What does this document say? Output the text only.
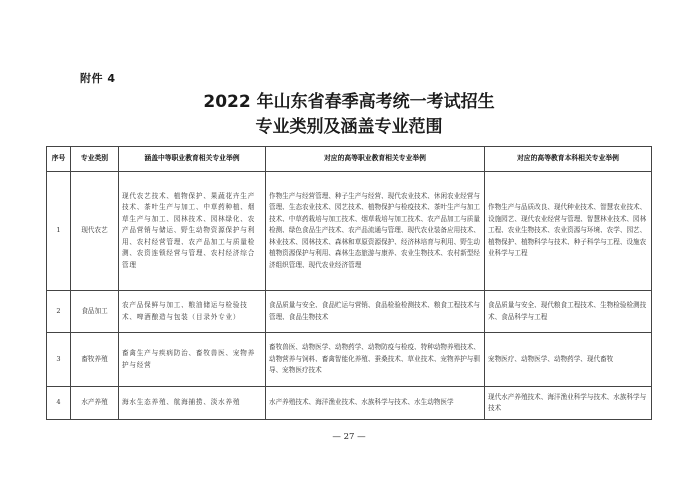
附件 4
2022 年山东省春季高考统一考试招生
专业类别及涵盖专业范围
序号	专业类别	涵盖中等职业教育相关专业举例	对应的高等职业教育相关专业举例	对应的高等教育本科相关专业举例
1	现代农艺	现代农艺技术、植物保护、果蔬花卉生产技术、茶叶生产与加工、中草药种植、烟草生产与加工、园林技术、园林绿化、农产品营销与储运、野生动物资源保护与利用、农村经营管理、农产品加工与质量检测、农资连锁经营与管理、农村经济综合管理	作物生产与经营管理、种子生产与经营、现代农业技术、休闲农业经营与管理、生态农业技术、园艺技术、植物保护与检疫技术、茶叶生产与加工技术、中草药栽培与加工技术、烟草栽培与加工技术、农产品加工与质量检测、绿色食品生产技术、农产品流通与管理、现代农业装备应用技术、林业技术、园林技术、森林和草原资源保护、经济林培育与利用、野生动植物资源保护与利用、森林生态旅游与康养、农业生物技术、农村新型经济组织管理、现代农业经济管理	作物生产与品质改良、现代种业技术、智慧农业技术、设施园艺、现代农业经营与管理、智慧林业技术、园林工程、农业生物技术、农业资源与环境、农学、园艺、植物保护、植物科学与技术、种子科学与工程、设施农业科学与工程
2	食品加工	农产品保鲜与加工、粮油储运与检验技术、啤酒酿造与包装（目录外专业）	食品质量与安全、食品贮运与营销、食品检验检测技术、粮食工程技术与管理、食品生物技术	食品质量与安全、现代粮食工程技术、生物检验检测技术、食品科学与工程
3	畜牧养殖	畜禽生产与疾病防治、畜牧兽医、宠物养护与经营	畜牧兽医、动物医学、动物药学、动物防疫与检疫、特种动物养殖技术、动物营养与饲料、畜禽智能化养殖、蚕桑技术、草业技术、宠物养护与驯导、宠物医疗技术	宠物医疗、动物医学、动物药学、现代畜牧
4	水产养殖	海水生态养殖、航海捕捞、淡水养殖	水产养殖技术、海洋渔业技术、水族科学与技术、水生动物医学	现代水产养殖技术、海洋渔业科学与技术、水族科学与技术
— 27 —
